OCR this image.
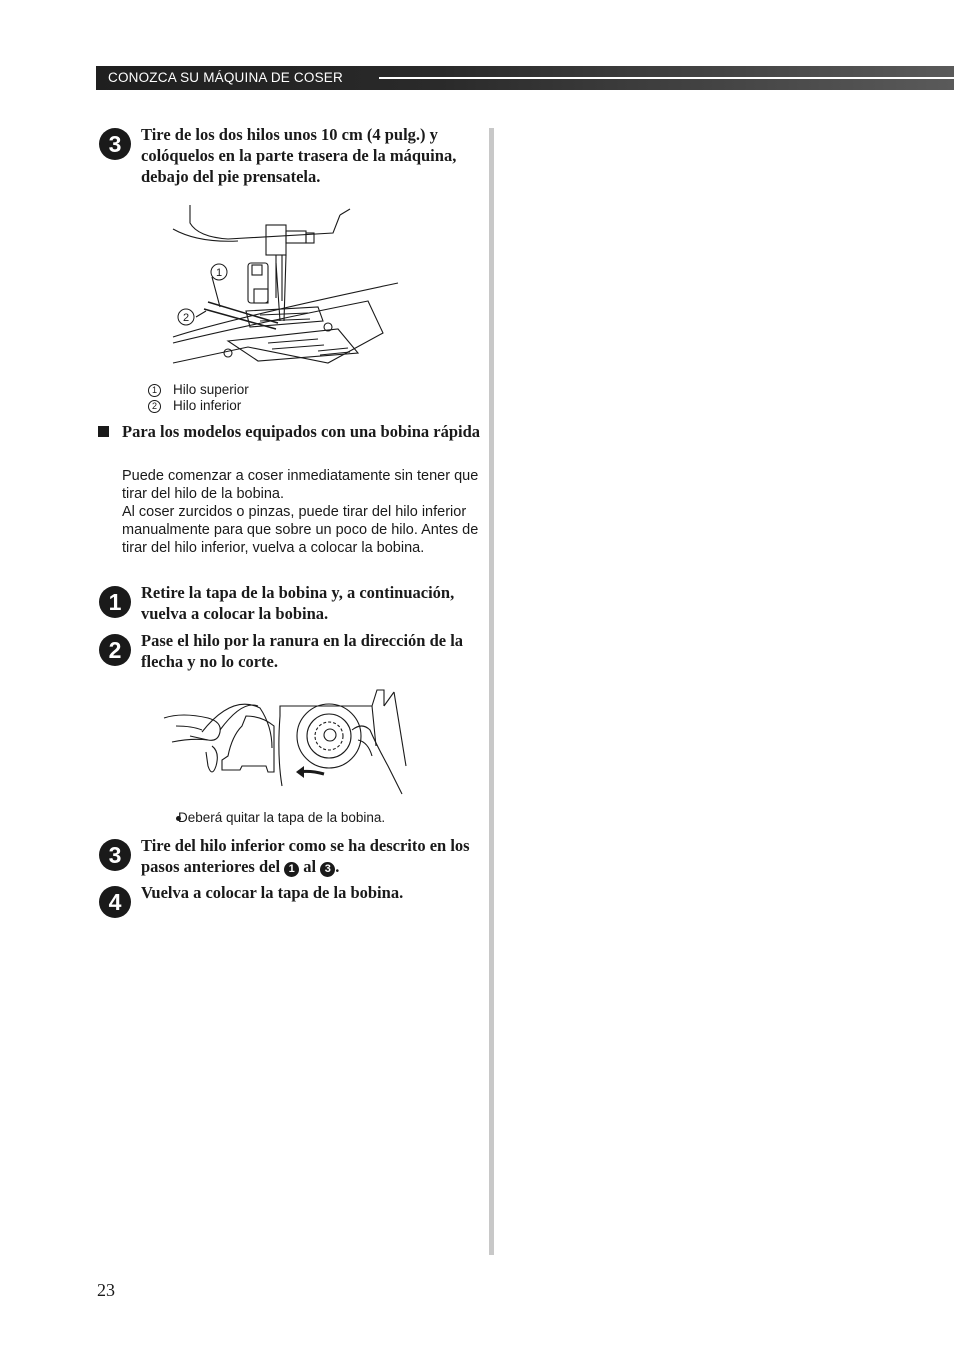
CONOZCA SU MÁQUINA DE COSER
3	Tire de los dos hilos unos 10 cm (4 pulg.) y colóquelos en la parte trasera de la máquina, debajo del pie prensatela.
1
2
1 Hilo superior
2 Hilo inferior
Para los modelos equipados con una bobina rápida
Puede comenzar a coser inmediatamente sin tener que tirar del hilo de la bobina.
Al coser zurcidos o pinzas, puede tirar del hilo inferior manualmente para que sobre un poco de hilo. Antes de tirar del hilo inferior, vuelva a colocar la bobina.
1	Retire la tapa de la bobina y, a continuación, vuelva a colocar la bobina.
2	Pase el hilo por la ranura en la dirección de la flecha y no lo corte.
Deberá quitar la tapa de la bobina.
3	Tire del hilo inferior como se ha descrito en los pasos anteriores del 1 al 3 .
4	Vuelva a colocar la tapa de la bobina.
23
